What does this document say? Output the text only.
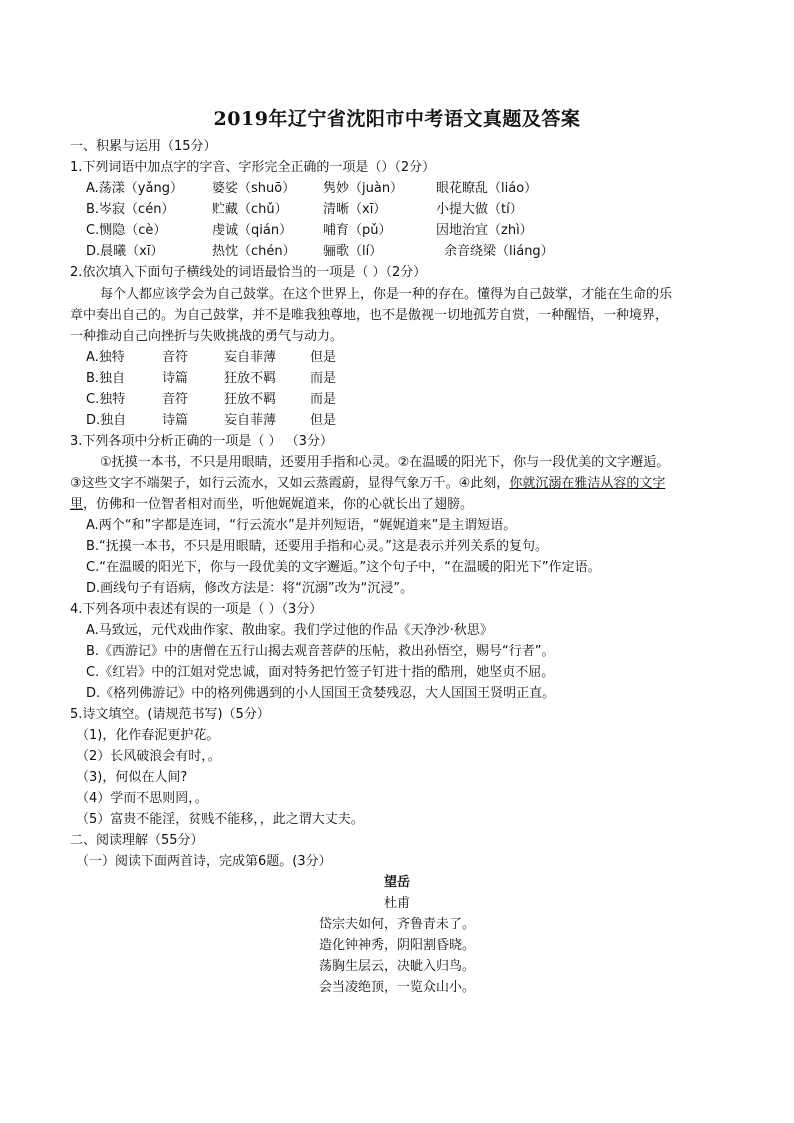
2019年辽宁省沈阳市中考语文真题及答案
一、积累与运用（15分）
1.下列词语中加点字的字音、字形完全正确的一项是（）（2分）
A.荡漾（yǎng） 婆娑（shuō） 隽妙（juàn）	眼花瞭乱（liáo）
B.岑寂（cén）	贮藏（chǔ）	清晰（xī）	小提大做（tí）
C.恻隐（cè）	虔诚（qián） 哺育（pǔ）	因地治宜（zhì）
D.晨曦（xī）	热忱（chén） 骊歌（lí）	余音绕梁（liáng）
2.依次填入下面句子横线处的词语最恰当的一项是（ ）（2分）
每个人都应该学会为自己鼓掌。在这个世界上，你是一种的存在。懂得为自己鼓掌，才能在生命的乐
章中奏出自己的。为自己鼓掌，并不是唯我独尊地，也不是傲视一切地孤芳自赏，一种醒悟，一种境界，
一种推动自己向挫折与失败挑战的勇气与动力。
A.独特	音符	妄自菲薄	但是
B.独自	诗篇	狂放不羁	而是
C.独特	音符	狂放不羁	而是
D.独自	诗篇	妄自菲薄	但是
3.下列各项中分析正确的一项是（ ） （3分）
①抚摸一本书，不只是用眼睛，还要用手指和心灵。②在温暖的阳光下，你与一段优美的文字邂逅。
③这些文字不端架子，如行云流水，又如云蒸霞蔚，显得气象万千。④此刻，你就沉溺在雅洁从容的文字
里，仿佛和一位智者相对而坐，听他娓娓道来，你的心就长出了翅膀。
A.两个“和”字都是连词，“行云流水”是并列短语，“娓娓道来”是主谓短语。
B.“抚摸一本书，不只是用眼睛，还要用手指和心灵。”这是表示并列关系的复句。
C.“在温暖的阳光下，你与一段优美的文字邂逅。”这个句子中，“在温暖的阳光下”作定语。
D.画线句子有语病，修改方法是：将“沉溺”改为“沉浸”。
4.下列各项中表述有误的一项是（ ）（3分）
A.马致远，元代戏曲作家、散曲家。我们学过他的作品《天净沙·秋思》
B.《西游记》中的唐僧在五行山揭去观音菩萨的压帖，救出孙悟空，赐号“行者”。
C.《红岩》中的江姐对党忠诚，面对特务把竹签子钉进十指的酷刑，她坚贞不屈。
D.《格列佛游记》中的格列佛遇到的小人国国王贪婪残忍，大人国国王贤明正直。
5.诗文填空。(请规范书写)（5分）
（1)，化作春泥更护花。
（2）长风破浪会有时，。
（3)，何似在人间?
（4）学而不思则罔，。
（5）富贵不能淫，贫贱不能移，，此之谓大丈夫。
二、阅读理解（55分）
（一）阅读下面两首诗，完成第6题。(3分）
望岳
杜甫
岱宗夫如何，齐鲁青未了。
造化钟神秀，阴阳割昏晓。
荡胸生层云，决眦入归鸟。
会当凌绝顶，一览众山小。
